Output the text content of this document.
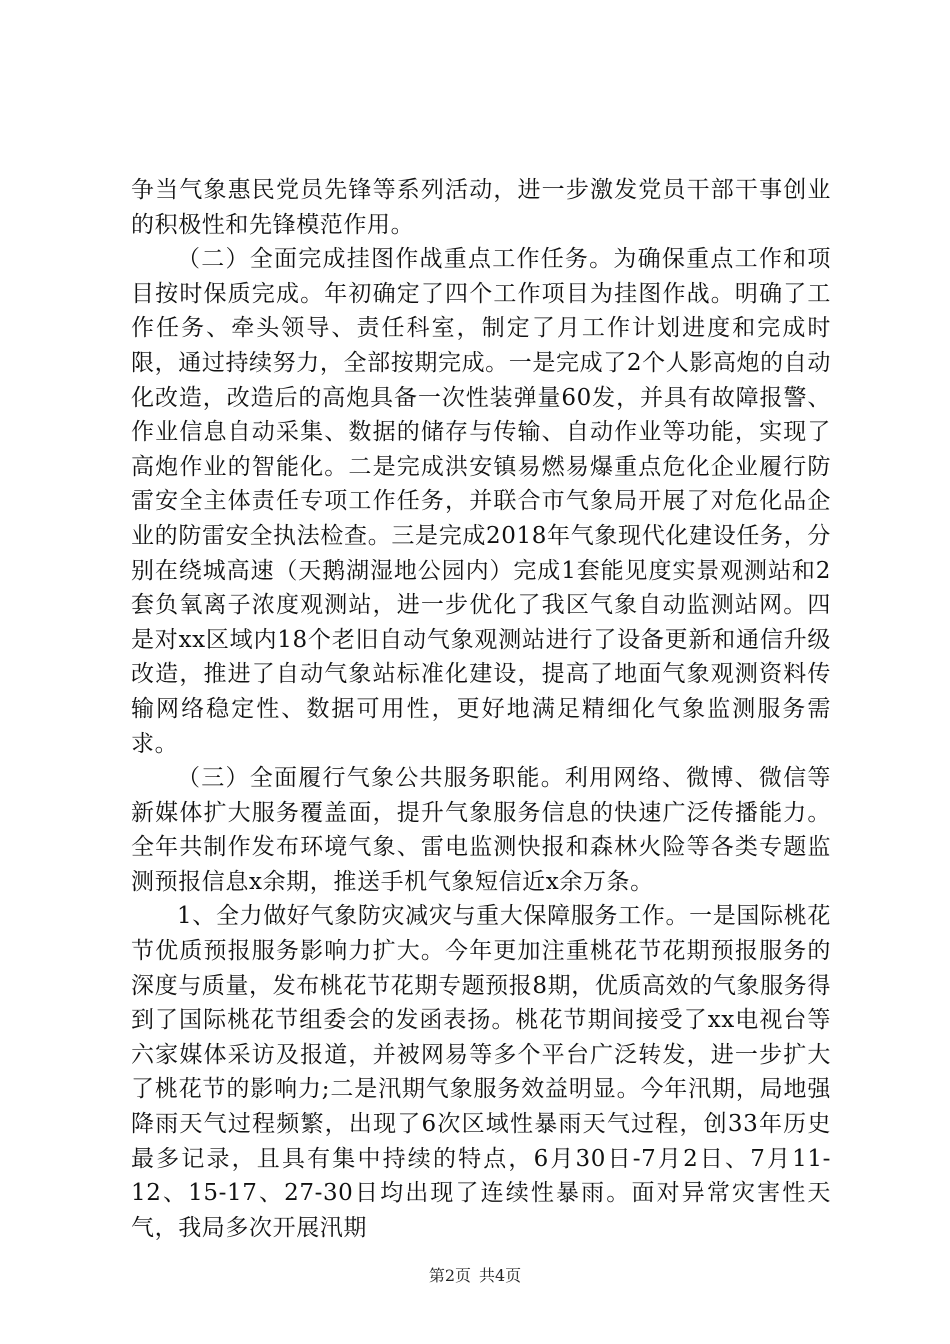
争当气象惠民党员先锋等系列活动，进一步激发党员干部干事创业的积极性和先锋模范作用。

（二）全面完成挂图作战重点工作任务。为确保重点工作和项目按时保质完成。年初确定了四个工作项目为挂图作战。明确了工作任务、牵头领导、责任科室，制定了月工作计划进度和完成时限，通过持续努力，全部按期完成。一是完成了2个人影高炮的自动化改造，改造后的高炮具备一次性装弹量60发，并具有故障报警、作业信息自动采集、数据的储存与传输、自动作业等功能，实现了高炮作业的智能化。二是完成洪安镇易燃易爆重点危化企业履行防雷安全主体责任专项工作任务，并联合市气象局开展了对危化品企业的防雷安全执法检查。三是完成2018年气象现代化建设任务，分别在绕城高速（天鹅湖湿地公园内）完成1套能见度实景观测站和2套负氧离子浓度观测站，进一步优化了我区气象自动监测站网。四是对xx区域内18个老旧自动气象观测站进行了设备更新和通信升级改造，推进了自动气象站标准化建设，提高了地面气象观测资料传输网络稳定性、数据可用性，更好地满足精细化气象监测服务需求。

（三）全面履行气象公共服务职能。利用网络、微博、微信等新媒体扩大服务覆盖面，提升气象服务信息的快速广泛传播能力。全年共制作发布环境气象、雷电监测快报和森林火险等各类专题监测预报信息x余期，推送手机气象短信近x余万条。

1、全力做好气象防灾减灾与重大保障服务工作。一是国际桃花节优质预报服务影响力扩大。今年更加注重桃花节花期预报服务的深度与质量，发布桃花节花期专题预报8期，优质高效的气象服务得到了国际桃花节组委会的发函表扬。桃花节期间接受了xx电视台等六家媒体采访及报道，并被网易等多个平台广泛转发，进一步扩大了桃花节的影响力;二是汛期气象服务效益明显。今年汛期，局地强降雨天气过程频繁，出现了6次区域性暴雨天气过程，创33年历史最多记录，且具有集中持续的特点，6月30日-7月2日、7月11-12、15-17、27-30日均出现了连续性暴雨。面对异常灾害性天气，我局多次开展汛期

第2页 共4页
